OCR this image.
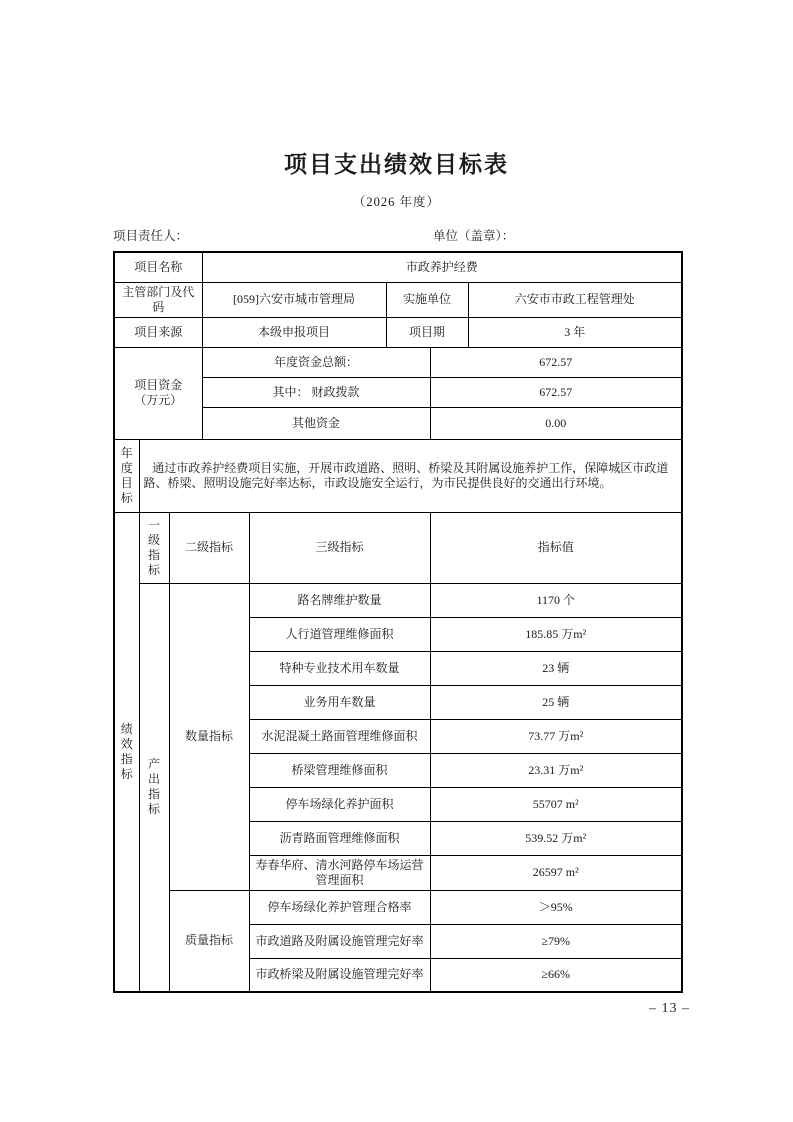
项目支出绩效目标表
（2026 年度）
项目责任人：	单位（盖章）：
项目名称			市政养护经费				
主管部门及代码			[059]六安市城市管理局		实施单位		六安市市政工程管理处
项目来源			本级申报项目		项目期		3 年

项目资金
（万元）			年度资金总额：			672.57	
			其中： 财政拨款			672.57	
			其他资金			0.00	
年度目标	通过市政养护经费项目实施，开展市政道路、照明、桥梁及其附属设施养护工作，保障城区市政道路、桥梁、照明设施完好率达标，市政设施安全运行，为市民提供良好的交通出行环境。						
绩效指标	一级指标	二级指标		三级指标		指标值	
	产出指标	数量指标		路名牌维护数量		1170 个	
				人行道管理维修面积		185.85 万m²	
				特种专业技术用车数量		23 辆	
				业务用车数量		25 辆	
				水泥混凝土路面管理维修面积		73.77 万m²	
				桥梁管理维修面积		23.31 万m²	
				停车场绿化养护面积		55707 m²	
				沥青路面管理维修面积		539.52 万m²	
				寿春华府、清水河路停车场运营管理面积		26597 m²	
		质量指标		停车场绿化养护管理合格率		＞95%	
				市政道路及附属设施管理完好率		≥79%	
				市政桥梁及附属设施管理完好率		≥66%	
– 13 –
